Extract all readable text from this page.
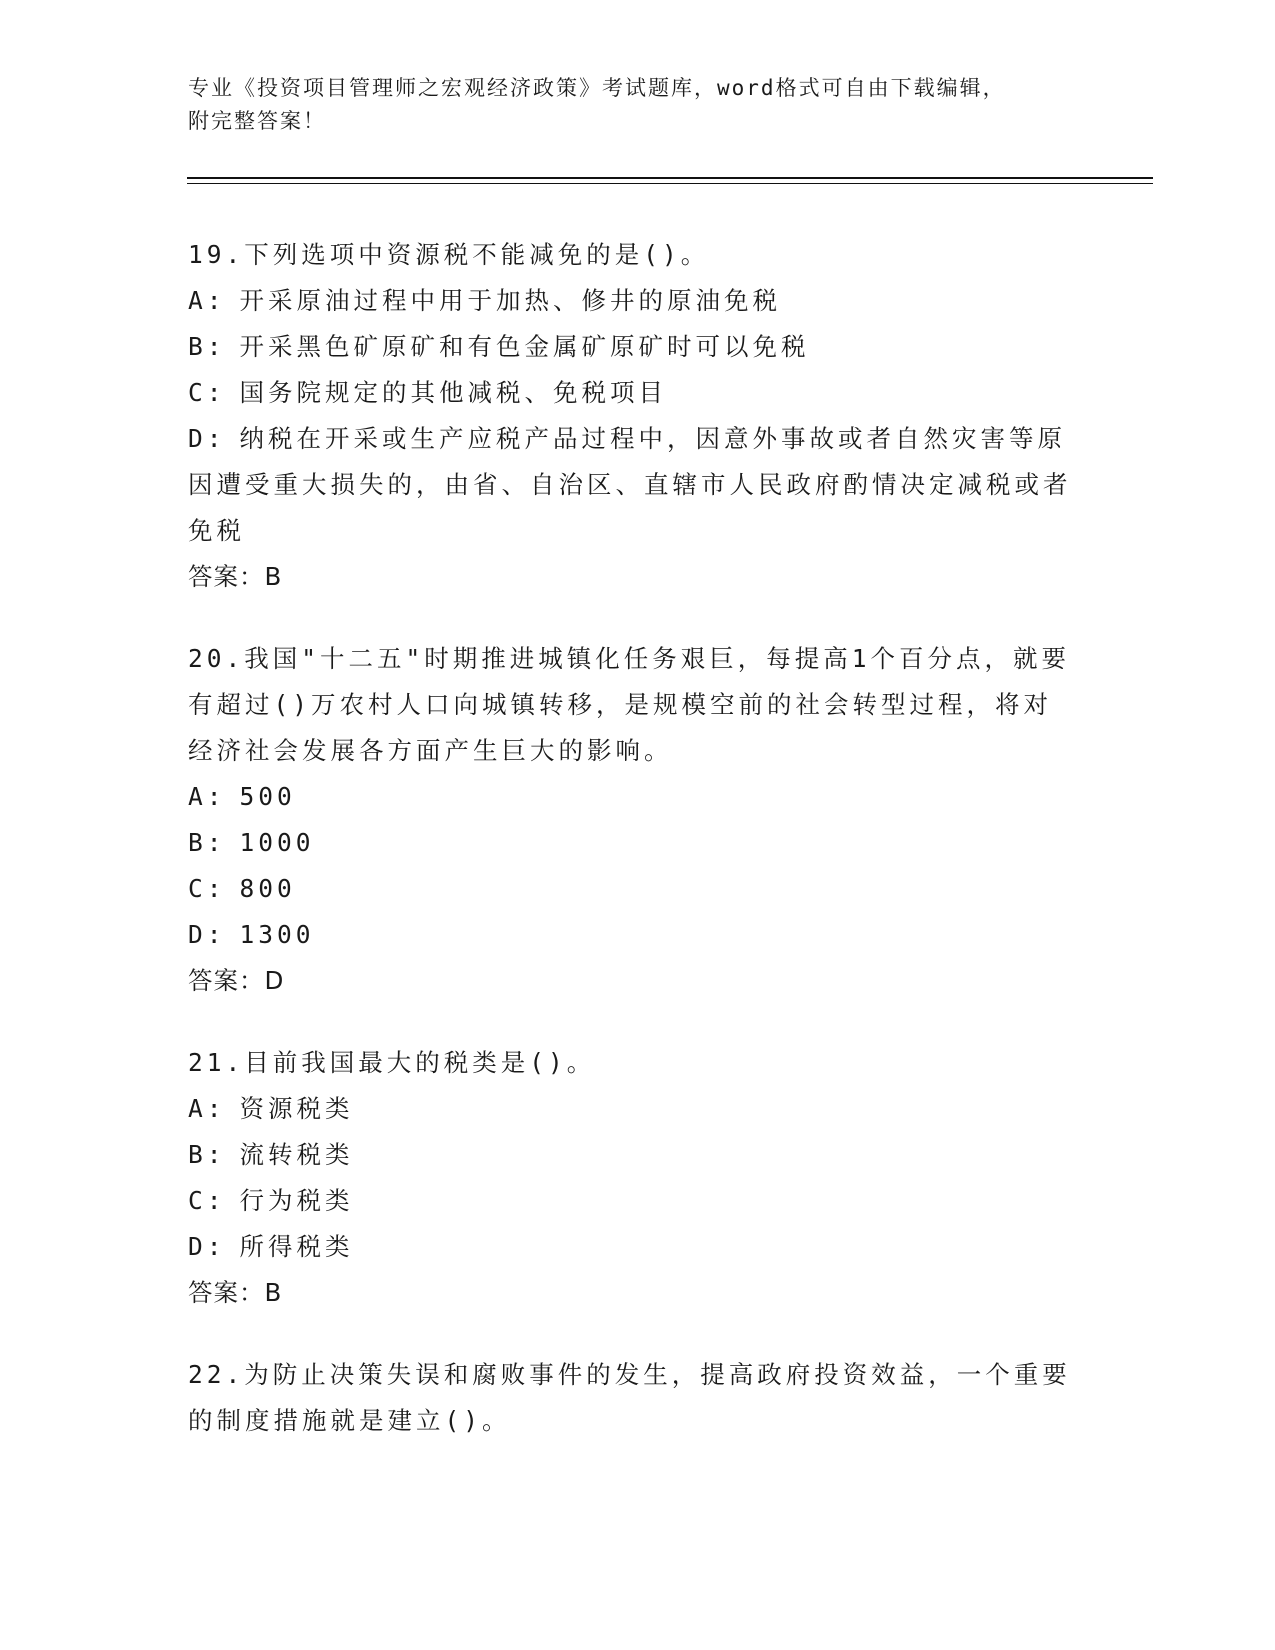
专业《投资项目管理师之宏观经济政策》考试题库，word格式可自由下载编辑，
附完整答案！

19.下列选项中资源税不能减免的是()。

A: 开采原油过程中用于加热、修井的原油免税

B: 开采黑色矿原矿和有色金属矿原矿时可以免税

C: 国务院规定的其他减税、免税项目

D: 纳税在开采或生产应税产品过程中，因意外事故或者自然灾害等原因遭受重大损失的，由省、自治区、直辖市人民政府酌情决定减税或者免税

答案：B

20.我国"十二五"时期推进城镇化任务艰巨，每提高1个百分点，就要有超过()万农村人口向城镇转移，是规模空前的社会转型过程，将对经济社会发展各方面产生巨大的影响。

A: 500

B: 1000

C: 800

D: 1300

答案：D

21.目前我国最大的税类是()。

A: 资源税类

B: 流转税类

C: 行为税类

D: 所得税类

答案：B

22.为防止决策失误和腐败事件的发生，提高政府投资效益，一个重要的制度措施就是建立()。
